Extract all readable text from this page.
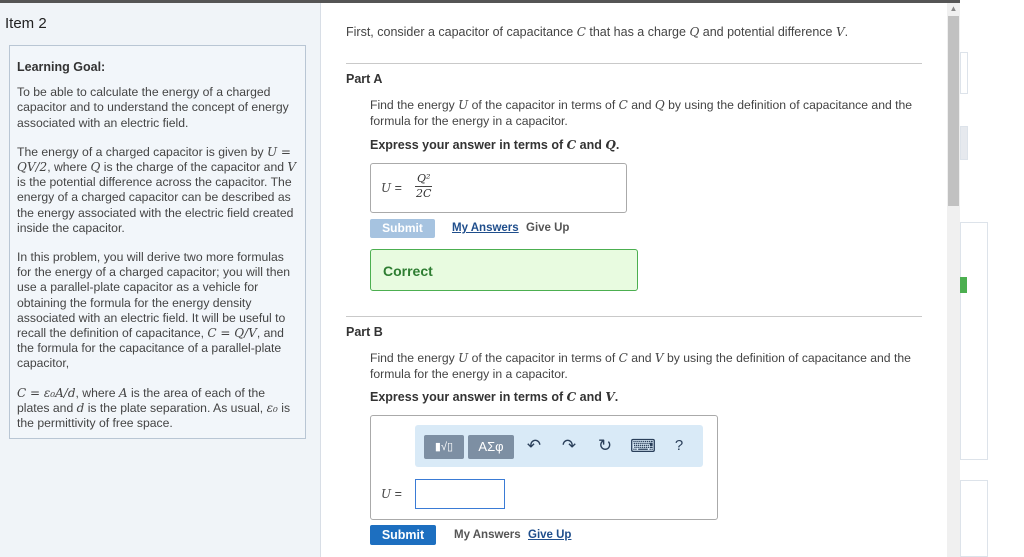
Item 2
Learning Goal:

To be able to calculate the energy of a charged capacitor and to understand the concept of energy associated with an electric field.

The energy of a charged capacitor is given by U = QV/2, where Q is the charge of the capacitor and V is the potential difference across the capacitor. The energy of a charged capacitor can be described as the energy associated with the electric field created inside the capacitor.

In this problem, you will derive two more formulas for the energy of a charged capacitor; you will then use a parallel-plate capacitor as a vehicle for obtaining the formula for the energy density associated with an electric field. It will be useful to recall the definition of capacitance, C = Q/V, and the formula for the capacitance of a parallel-plate capacitor,

C = ε₀A/d, where A is the area of each of the plates and d is the plate separation. As usual, ε₀ is the permittivity of free space.

First, consider a capacitor of capacitance C that has a charge Q and potential difference V.
Part A
Find the energy U of the capacitor in terms of C and Q by using the definition of capacitance and the formula for the energy in a capacitor.
Express your answer in terms of C and Q.
$U = \frac{\text{Q²}}{2C}$
Submit	My Answers Give Up
Correct
Part B
Find the energy U of the capacitor in terms of C and V by using the definition of capacitance and the formula for the energy in a capacitor.
Express your answer in terms of C and V.
▮√▯	ΑΣφ	↶ ↷ ↻ ⌨	?
U =
Submit	My Answers Give Up
▲
